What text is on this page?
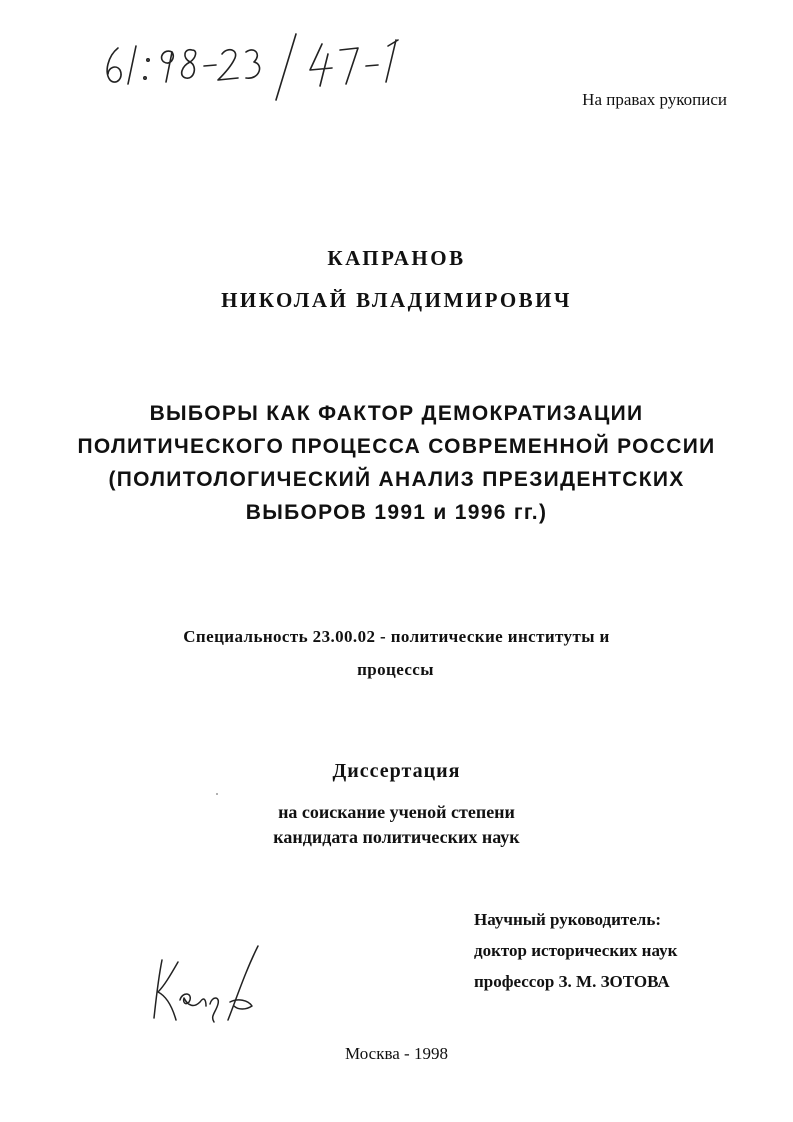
На правах рукописи
КАПРАНОВ
НИКОЛАЙ ВЛАДИМИРОВИЧ
ВЫБОРЫ КАК ФАКТОР ДЕМОКРАТИЗАЦИИ
ПОЛИТИЧЕСКОГО ПРОЦЕССА СОВРЕМЕННОЙ РОССИИ
(ПОЛИТОЛОГИЧЕСКИЙ АНАЛИЗ ПРЕЗИДЕНТСКИХ
ВЫБОРОВ 1991 и 1996 гг.)
Специальность 23.00.02 - политические институты и
процессы
Диссертация
на соискание ученой степени
кандидата политических наук
Научный руководитель:
доктор исторических наук
профессор З. М. ЗОТОВА
Москва - 1998
